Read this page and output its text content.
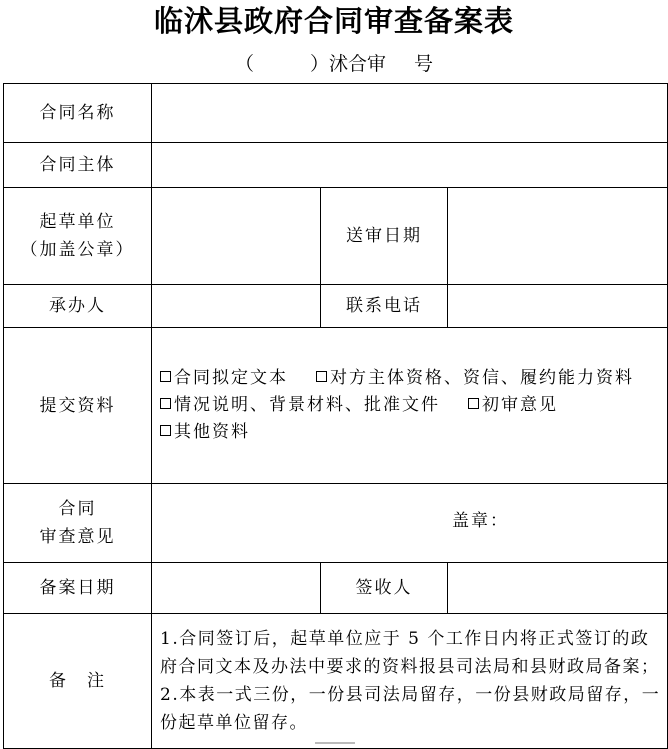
临沭县政府合同审查备案表
（	）沭合审 号
合同名称			
合同主体			

起草单位
（加盖公章）		送审日期	
承办人		联系电话	
提交资料	合同拟定文本 对方主体资格、资信、履约能力资料
情况说明、背景材料、批准文件 初审意见
其他资料		

合同
审查意见	盖章：		

备案日期		签收人	
备　注	1.合同签订后，起草单位应于 5 个工作日内将正式签订的政府合同文本及办法中要求的资料报县司法局和县财政局备案；

2.本表一式三份，一份县司法局留存，一份县财政局留存，一份起草单位留存。		
